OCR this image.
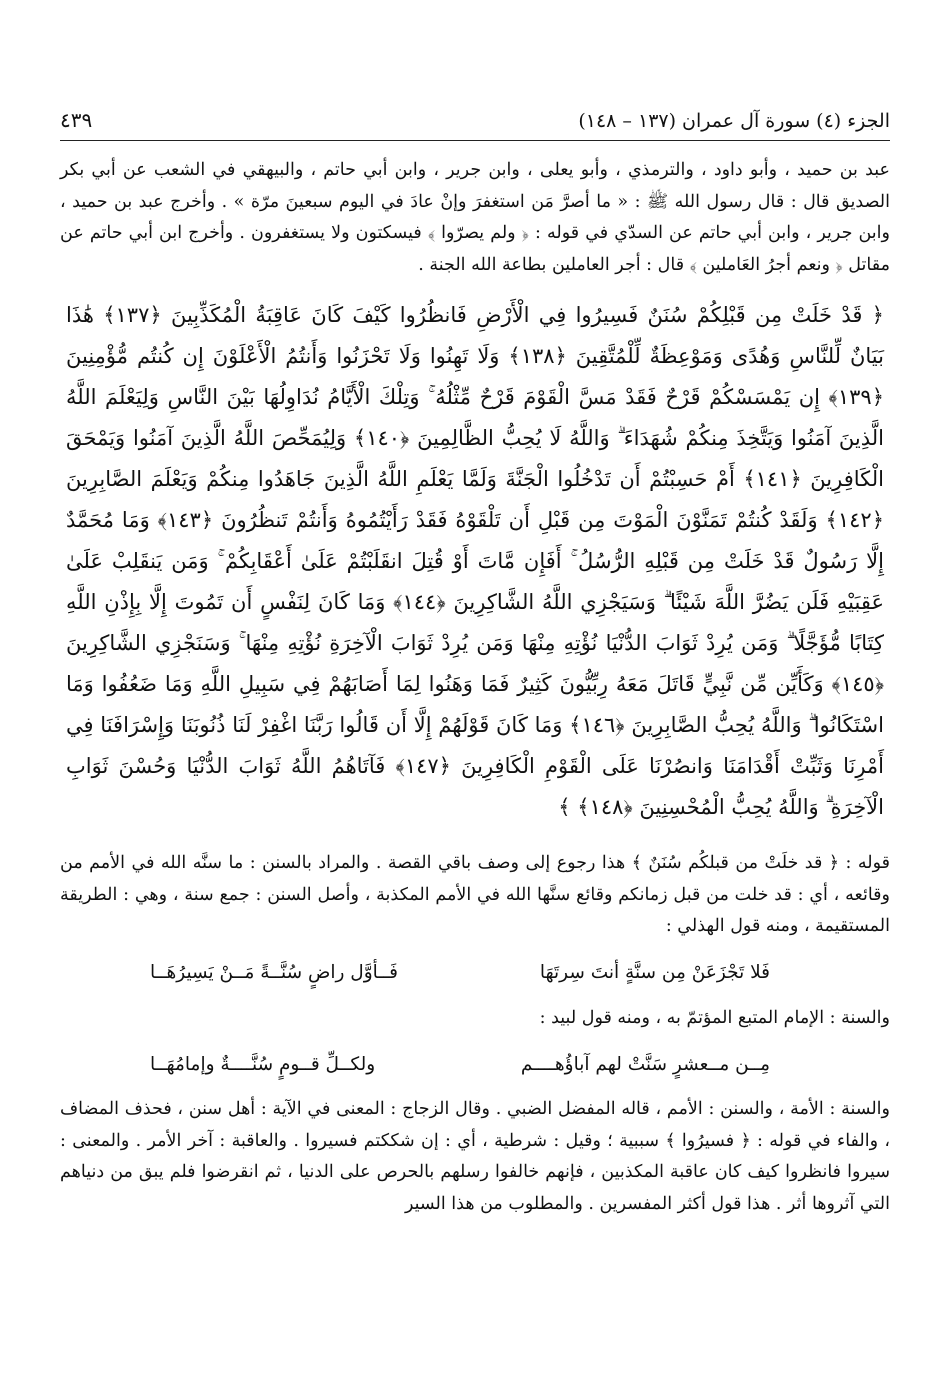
الجزء (٤) سورة آل عمران (١٣٧ – ١٤٨)
٤٣٩
عبد بن حميد ، وأبو داود ، والترمذي ، وأبو يعلى ، وابن جرير ، وابن أبي حاتم ، والبيهقي في الشعب عن أبي بكر الصديق قال : قال رسول الله ﷺ : « ما أصرَّ مَن استغفرَ وإنْ عادَ في اليوم سبعينَ مرّة » . وأخرج عبد بن حميد ، وابن جرير ، وابن أبي حاتم عن السدّي في قوله : ﴿ ولم يصرّوا ﴾ فيسكتون ولا يستغفرون . وأخرج ابن أبي حاتم عن مقاتل ﴿ ونعم أجرُ العَاملين ﴾ قال : أجر العاملين بطاعة الله الجنة .
﴿ قَدْ خَلَتْ مِن قَبْلِكُمْ سُنَنٌ فَسِيرُوا فِي الْأَرْضِ فَانظُرُوا كَيْفَ كَانَ عَاقِبَةُ الْمُكَذِّبِينَ ﴿١٣٧﴾ هَٰذَا بَيَانٌ لِّلنَّاسِ وَهُدًى وَمَوْعِظَةٌ لِّلْمُتَّقِينَ ﴿١٣٨﴾ وَلَا تَهِنُوا وَلَا تَحْزَنُوا وَأَنتُمُ الْأَعْلَوْنَ إِن كُنتُم مُّؤْمِنِينَ ﴿١٣٩﴾ إِن يَمْسَسْكُمْ قَرْحٌ فَقَدْ مَسَّ الْقَوْمَ قَرْحٌ مِّثْلُهُ ۚ وَتِلْكَ الْأَيَّامُ نُدَاوِلُهَا بَيْنَ النَّاسِ وَلِيَعْلَمَ اللَّهُ الَّذِينَ آمَنُوا وَيَتَّخِذَ مِنكُمْ شُهَدَاءَ ۗ وَاللَّهُ لَا يُحِبُّ الظَّالِمِينَ ﴿١٤٠﴾ وَلِيُمَحِّصَ اللَّهُ الَّذِينَ آمَنُوا وَيَمْحَقَ الْكَافِرِينَ ﴿١٤١﴾ أَمْ حَسِبْتُمْ أَن تَدْخُلُوا الْجَنَّةَ وَلَمَّا يَعْلَمِ اللَّهُ الَّذِينَ جَاهَدُوا مِنكُمْ وَيَعْلَمَ الصَّابِرِينَ ﴿١٤٢﴾ وَلَقَدْ كُنتُمْ تَمَنَّوْنَ الْمَوْتَ مِن قَبْلِ أَن تَلْقَوْهُ فَقَدْ رَأَيْتُمُوهُ وَأَنتُمْ تَنظُرُونَ ﴿١٤٣﴾ وَمَا مُحَمَّدٌ إِلَّا رَسُولٌ قَدْ خَلَتْ مِن قَبْلِهِ الرُّسُلُ ۚ أَفَإِن مَّاتَ أَوْ قُتِلَ انقَلَبْتُمْ عَلَىٰ أَعْقَابِكُمْ ۚ وَمَن يَنقَلِبْ عَلَىٰ عَقِبَيْهِ فَلَن يَضُرَّ اللَّهَ شَيْئًا ۗ وَسَيَجْزِي اللَّهُ الشَّاكِرِينَ ﴿١٤٤﴾ وَمَا كَانَ لِنَفْسٍ أَن تَمُوتَ إِلَّا بِإِذْنِ اللَّهِ كِتَابًا مُّؤَجَّلًا ۗ وَمَن يُرِدْ ثَوَابَ الدُّنْيَا نُؤْتِهِ مِنْهَا وَمَن يُرِدْ ثَوَابَ الْآخِرَةِ نُؤْتِهِ مِنْهَا ۚ وَسَنَجْزِي الشَّاكِرِينَ ﴿١٤٥﴾ وَكَأَيِّن مِّن نَّبِيٍّ قَاتَلَ مَعَهُ رِبِّيُّونَ كَثِيرٌ فَمَا وَهَنُوا لِمَا أَصَابَهُمْ فِي سَبِيلِ اللَّهِ وَمَا ضَعُفُوا وَمَا اسْتَكَانُوا ۗ وَاللَّهُ يُحِبُّ الصَّابِرِينَ ﴿١٤٦﴾ وَمَا كَانَ قَوْلَهُمْ إِلَّا أَن قَالُوا رَبَّنَا اغْفِرْ لَنَا ذُنُوبَنَا وَإِسْرَافَنَا فِي أَمْرِنَا وَثَبِّتْ أَقْدَامَنَا وَانصُرْنَا عَلَى الْقَوْمِ الْكَافِرِينَ ﴿١٤٧﴾ فَآتَاهُمُ اللَّهُ ثَوَابَ الدُّنْيَا وَحُسْنَ ثَوَابِ الْآخِرَةِ ۗ وَاللَّهُ يُحِبُّ الْمُحْسِنِينَ ﴿١٤٨﴾ ﴾
قوله : ﴿ قد خلَتْ من قبلكُم سُنَنٌ ﴾ هذا رجوع إلى وصف باقي القصة . والمراد بالسنن : ما سنَّه الله في الأمم من وقائعه ، أي : قد خلت من قبل زمانكم وقائع سنَّها الله في الأمم المكذبة ، وأصل السنن : جمع سنة ، وهي : الطريقة المستقيمة ، ومنه قول الهذلي :
فَلا تَجْزَعَنْ مِن سنَّةٍ أنتَ سِرتَهَا
فَــأوَّل راضٍ سُنَّــةً مَــنْ يَسِيرُهَــا
والسنة : الإمام المتبع المؤتمّ به ، ومنه قول لبيد :
مِــن مــعشرٍ سَنَّتْ لهم آباؤُهــــم
ولكــلِّ قــومٍ سُنَّــــةٌ وإمامُهَــا
والسنة : الأمة ، والسنن : الأمم ، قاله المفضل الضبي . وقال الزجاج : المعنى في الآية : أهل سنن ، فحذف المضاف ، والفاء في قوله : ﴿ فسيرُوا ﴾ سببية ؛ وقيل : شرطية ، أي : إن شككتم فسيروا . والعاقبة : آخر الأمر . والمعنى : سيروا فانظروا كيف كان عاقبة المكذبين ، فإنهم خالفوا رسلهم بالحرص على الدنيا ، ثم انقرضوا فلم يبق من دنياهم التي آثروها أثر . هذا قول أكثر المفسرين . والمطلوب من هذا السير
